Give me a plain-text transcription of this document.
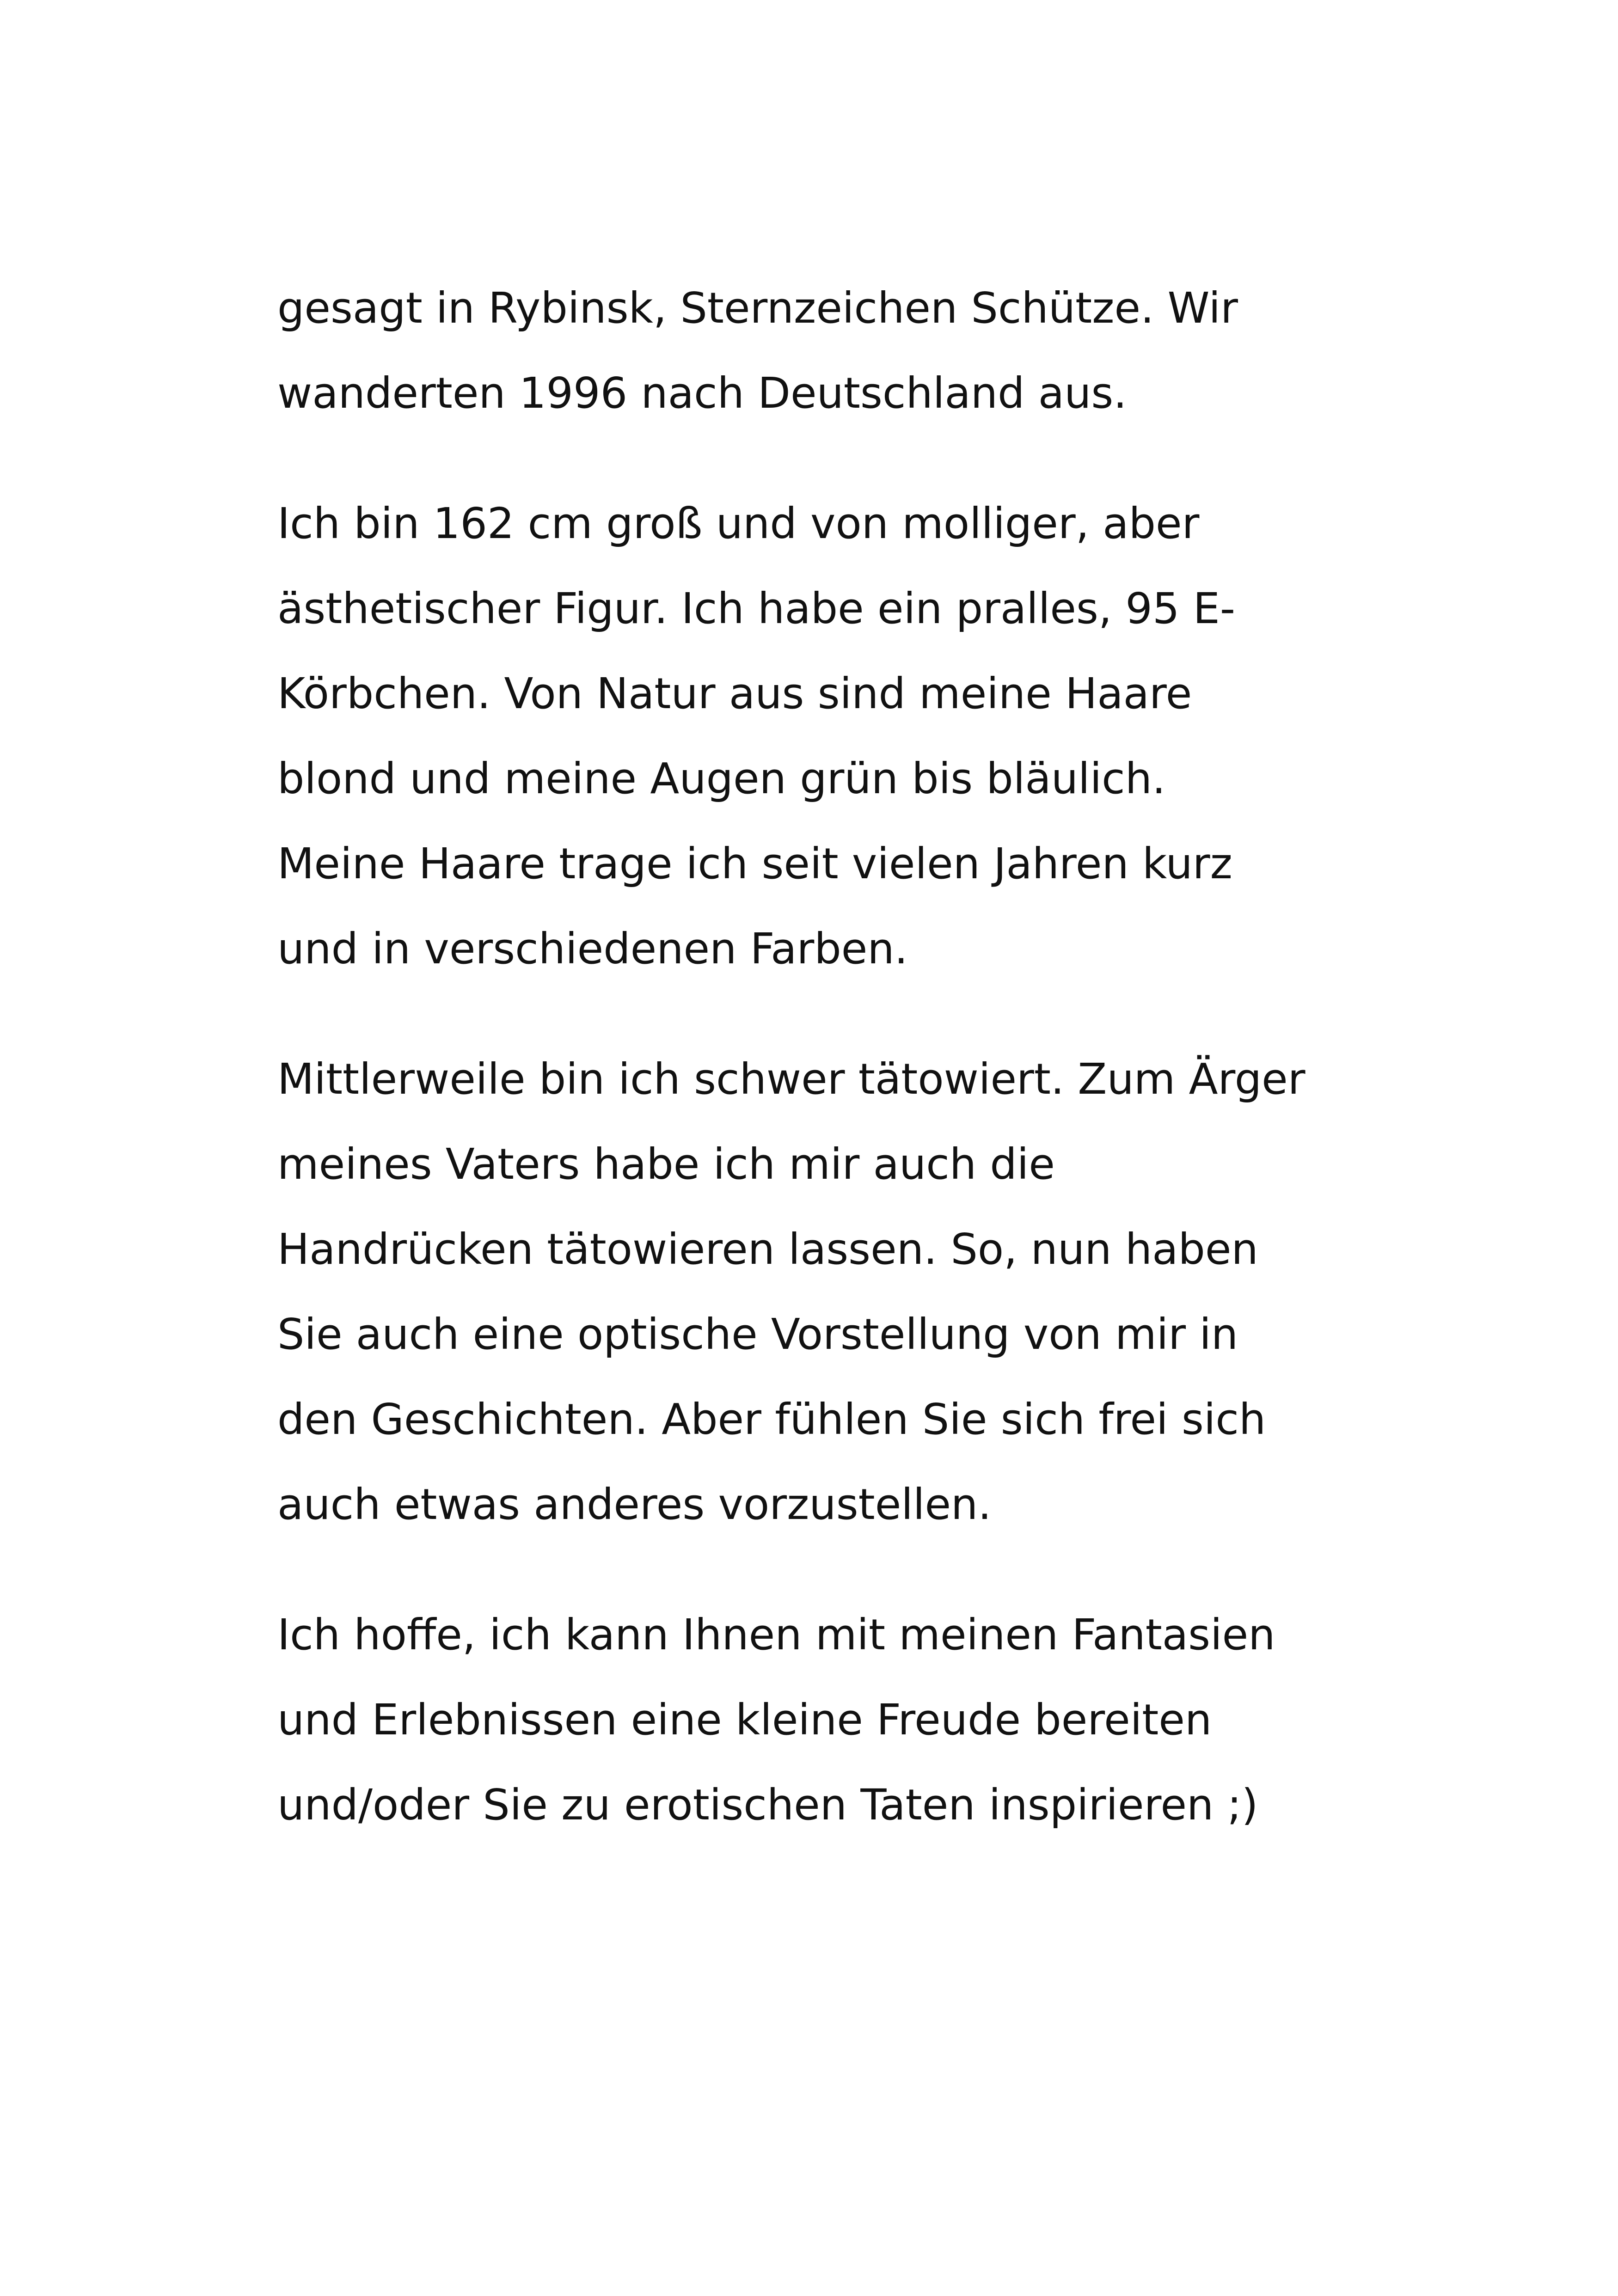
gesagt in Rybinsk, Sternzeichen Schütze. Wir
wanderten 1996 nach Deutschland aus.

Ich bin 162 cm groß und von molliger, aber
ästhetischer Figur. Ich habe ein pralles, 95 E-
Körbchen. Von Natur aus sind meine Haare
blond und meine Augen grün bis bläulich.
Meine Haare trage ich seit vielen Jahren kurz
und in verschiedenen Farben.

Mittlerweile bin ich schwer tätowiert. Zum Ärger
meines Vaters habe ich mir auch die
Handrücken tätowieren lassen. So, nun haben
Sie auch eine optische Vorstellung von mir in
den Geschichten. Aber fühlen Sie sich frei sich
auch etwas anderes vorzustellen.

Ich hoffe, ich kann Ihnen mit meinen Fantasien
und Erlebnissen eine kleine Freude bereiten
und/oder Sie zu erotischen Taten inspirieren ;)
